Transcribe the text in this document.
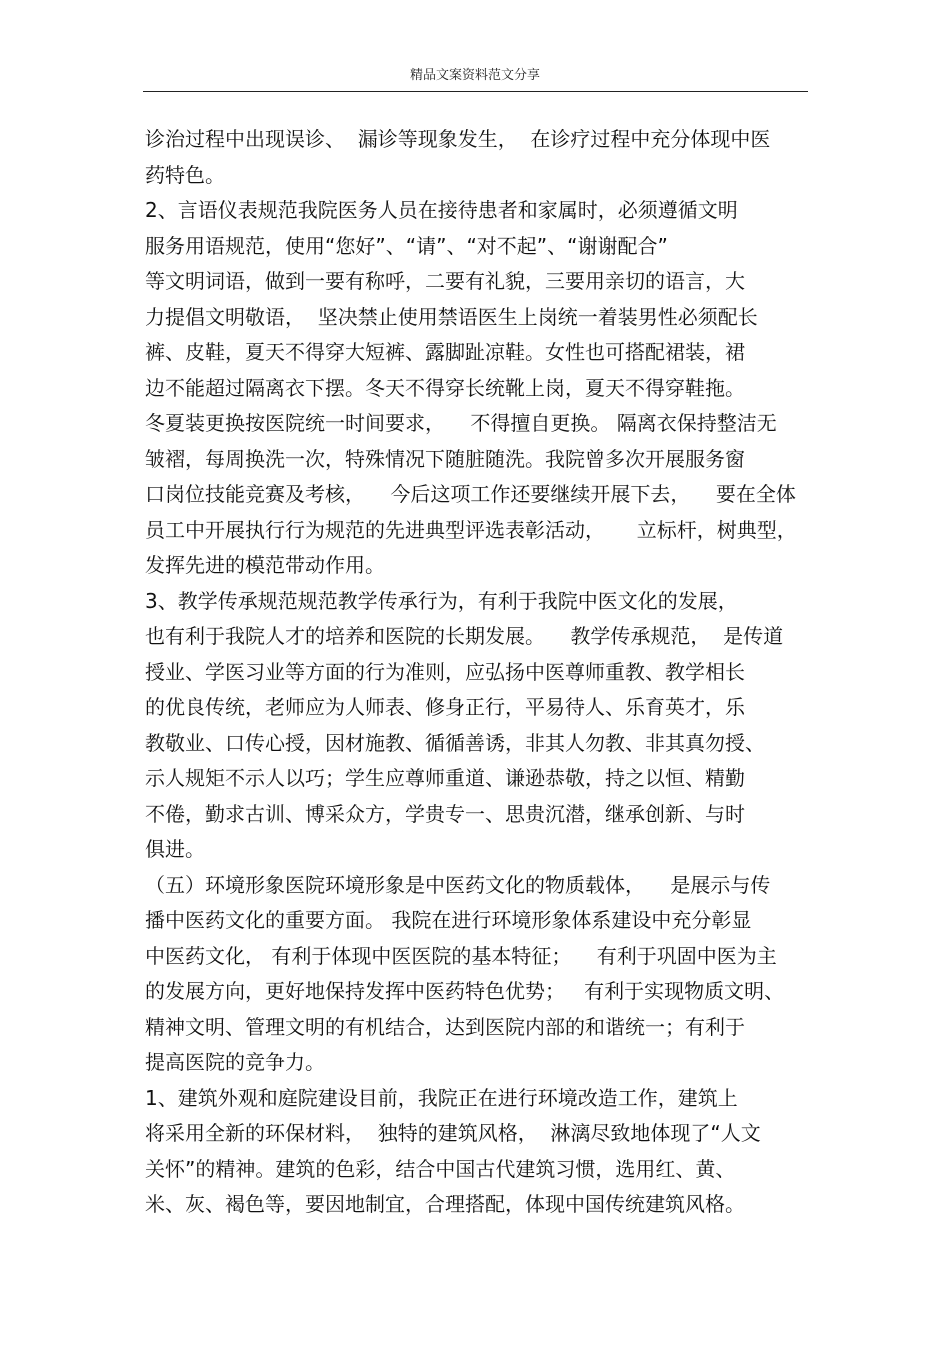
精品文案资料范文分享
诊治过程中出现误诊、  漏诊等现象发生，  在诊疗过程中充分体现中医
药特色。
2、言语仪表规范我院医务人员在接待患者和家属时，必须遵循文明
服务用语规范，使用“您好”、“请”、“对不起”、“谢谢配合”
等文明词语，做到一要有称呼，二要有礼貌，三要用亲切的语言，大
力提倡文明敬语，  坚决禁止使用禁语医生上岗统一着装男性必须配长
裤、皮鞋，夏天不得穿大短裤、露脚趾凉鞋。女性也可搭配裙装，裙
边不能超过隔离衣下摆。冬天不得穿长统靴上岗，夏天不得穿鞋拖。
冬夏装更换按医院统一时间要求，    不得擅自更换。 隔离衣保持整洁无
皱褶，每周换洗一次，特殊情况下随脏随洗。我院曾多次开展服务窗
口岗位技能竞赛及考核，    今后这项工作还要继续开展下去，    要在全体
员工中开展执行行为规范的先进典型评选表彰活动，     立标杆，树典型，
发挥先进的模范带动作用。
3、教学传承规范规范教学传承行为，有利于我院中医文化的发展，
也有利于我院人才的培养和医院的长期发展。    教学传承规范，  是传道
授业、学医习业等方面的行为准则，应弘扬中医尊师重教、教学相长
的优良传统，老师应为人师表、修身正行，平易待人、乐育英才，乐
教敬业、口传心授，因材施教、循循善诱，非其人勿教、非其真勿授、
示人规矩不示人以巧；学生应尊师重道、谦逊恭敬，持之以恒、精勤
不倦，勤求古训、博采众方，学贵专一、思贵沉潜，继承创新、与时
俱进。
（五）环境形象医院环境形象是中医药文化的物质载体，    是展示与传
播中医药文化的重要方面。 我院在进行环境形象体系建设中充分彰显
中医药文化， 有利于体现中医医院的基本特征；    有利于巩固中医为主
的发展方向，更好地保持发挥中医药特色优势；   有利于实现物质文明、
精神文明、管理文明的有机结合，达到医院内部的和谐统一；有利于
提高医院的竞争力。
1、建筑外观和庭院建设目前，我院正在进行环境改造工作，建筑上
将采用全新的环保材料，  独特的建筑风格，  淋漓尽致地体现了“人文
关怀”的精神。建筑的色彩，结合中国古代建筑习惯，选用红、黄、
米、灰、褐色等，要因地制宜，合理搭配，体现中国传统建筑风格。
